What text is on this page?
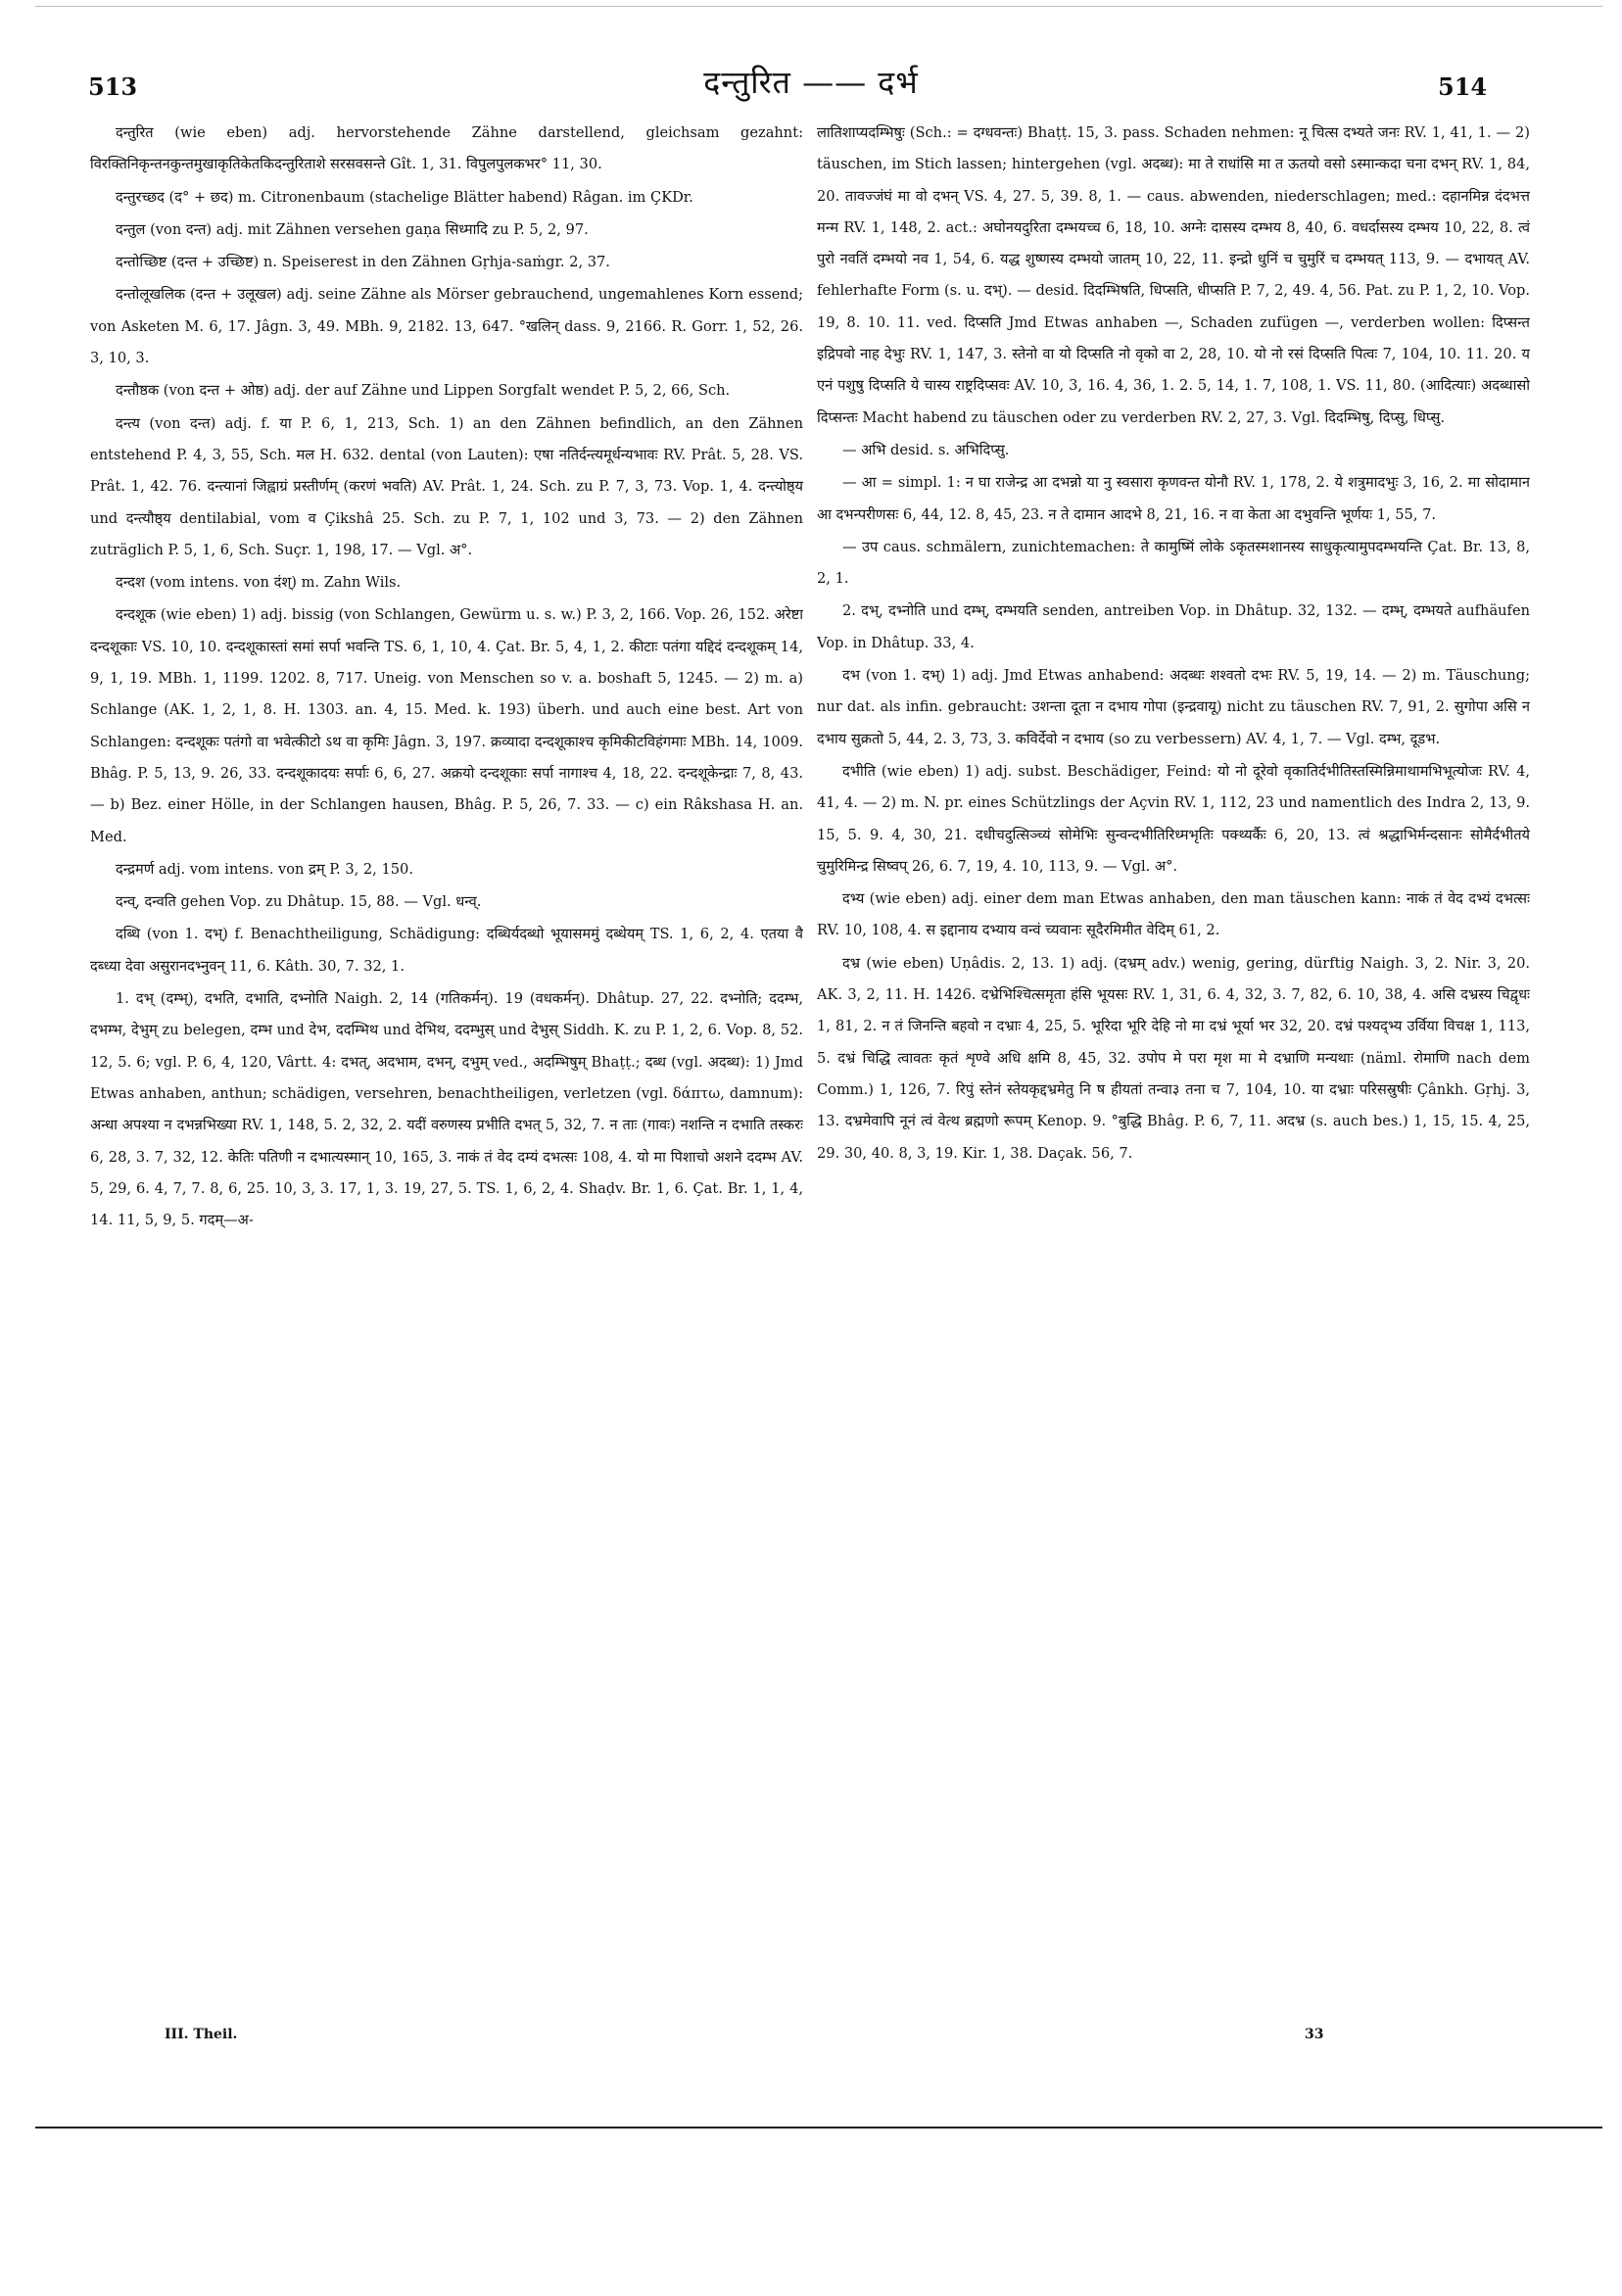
513	दन्तुरित —— दर्भ	514

दन्तुरित (wie eben) adj. hervorstehende Zähne darstellend, gleichsam gezahnt: विरक्तिनिकृन्तनकुन्तमुखाकृतिकेतकिदन्तुरिताशे सरसवसन्ते Gît. 1, 31. विपुलपुलकभर° 11, 30.

दन्तुरच्छद (द° + छद) m. Citronenbaum (stachelige Blätter habend) Râgan. im ÇKDr.

दन्तुल (von दन्त) adj. mit Zähnen versehen gaṇa सिध्मादि zu P. 5, 2, 97.

दन्तोच्छिष्ट (दन्त + उच्छिष्ट) n. Speiserest in den Zähnen Gṛhja-saṁgr. 2, 37.

दन्तोलूखलिक (दन्त + उलूखल) adj. seine Zähne als Mörser gebrauchend, ungemahlenes Korn essend; von Asketen M. 6, 17. Jâgn. 3, 49. MBh. 9, 2182. 13, 647. °खलिन् dass. 9, 2166. R. Gorr. 1, 52, 26. 3, 10, 3.

दन्तौष्ठक (von दन्त + ओष्ठ) adj. der auf Zähne und Lippen Sorgfalt wendet P. 5, 2, 66, Sch.

दन्त्य (von दन्त) adj. f. या P. 6, 1, 213, Sch. 1) an den Zähnen befindlich, an den Zähnen entstehend P. 4, 3, 55, Sch. मल H. 632. dental (von Lauten): एषा नतिर्दन्त्यमूर्धन्यभावः RV. Prât. 5, 28. VS. Prât. 1, 42. 76. दन्त्यानां जिह्वाग्रं प्रस्तीर्णम् (करणं भवति) AV. Prât. 1, 24. Sch. zu P. 7, 3, 73. Vop. 1, 4. दन्त्योष्ठ्य und दन्त्यौष्ठ्य dentilabial, vom व Çikshâ 25. Sch. zu P. 7, 1, 102 und 3, 73. — 2) den Zähnen zuträglich P. 5, 1, 6, Sch. Suçr. 1, 198, 17. — Vgl. अ°.

दन्दश (vom intens. von दंश्) m. Zahn Wils.

दन्दशूक (wie eben) 1) adj. bissig (von Schlangen, Gewürm u. s. w.) P. 3, 2, 166. Vop. 26, 152. अरेष्टा दन्दशूकाः VS. 10, 10. दन्दशूकास्तां समां सर्पा भवन्ति TS. 6, 1, 10, 4. Çat. Br. 5, 4, 1, 2. कीटाः पतंगा यद्दिदं दन्दशूकम् 14, 9, 1, 19. MBh. 1, 1199. 1202. 8, 717. Uneig. von Menschen so v. a. boshaft 5, 1245. — 2) m. a) Schlange (AK. 1, 2, 1, 8. H. 1303. an. 4, 15. Med. k. 193) überh. und auch eine best. Art von Schlangen: दन्दशूकः पतंगो वा भवेत्कीटो ऽथ वा कृमिः Jâgn. 3, 197. क्रव्यादा दन्दशूकाश्च कृमिकीटविहंगमाः MBh. 14, 1009. Bhâg. P. 5, 13, 9. 26, 33. दन्दशूकादयः सर्पाः 6, 6, 27. अक्रयो दन्दशूकाः सर्पा नागाश्च 4, 18, 22. दन्दशूकेन्द्राः 7, 8, 43. — b) Bez. einer Hölle, in der Schlangen hausen, Bhâg. P. 5, 26, 7. 33. — c) ein Râkshasa H. an. Med.

दन्द्रमर्ण adj. vom intens. von द्रम् P. 3, 2, 150.

दन्व्, दन्वति gehen Vop. zu Dhâtup. 15, 88. — Vgl. धन्व्.

दब्धि (von 1. दभ्) f. Benachtheiligung, Schädigung: दब्धिर्यदब्धो भूयासममुं दब्धेयम् TS. 1, 6, 2, 4. एतया वै दब्ध्या देवा असुरानदभ्नुवन् 11, 6. Kâth. 30, 7. 32, 1.

1. दभ् (दम्भ्), दभति, दभाति, दभ्नोति Naigh. 2, 14 (गतिकर्मन्). 19 (वधकर्मन्). Dhâtup. 27, 22. दभ्नोति; ददम्भ, दभम्भ, देभुम् zu belegen, दम्भ und देभ, ददम्भिथ und देभिथ, ददम्भुस् und देभुस् Siddh. K. zu P. 1, 2, 6. Vop. 8, 52. 12, 5. 6; vgl. P. 6, 4, 120, Vârtt. 4: दभत्, अदभाम, दभन्, दभुम् ved., अदम्भिषुम् Bhaṭṭ.; दब्ध (vgl. अदब्ध): 1) Jmd Etwas anhaben, anthun; schädigen, versehren, benachtheiligen, verletzen (vgl. δάπτω, damnum): अन्धा अपश्या न दभन्नभिख्या RV. 1, 148, 5. 2, 32, 2. यदीं वरुणस्य प्रभीति दभत् 5, 32, 7. न ताः (गावः) नशन्ति न दभाति तस्करः 6, 28, 3. 7, 32, 12. केतिः पतिणी न दभात्यस्मान् 10, 165, 3. नाकं तं वेद दम्यं दभत्सः 108, 4. यो मा पिशाचो अशने ददम्भ AV. 5, 29, 6. 4, 7, 7. 8, 6, 25. 10, 3, 3. 17, 1, 3. 19, 27, 5. TS. 1, 6, 2, 4. Shaḍv. Br. 1, 6. Çat. Br. 1, 1, 4, 14. 11, 5, 9, 5. गदम्—अ-

लातिशाप्यदम्भिषुः (Sch.: = दग्धवन्तः) Bhaṭṭ. 15, 3. pass. Schaden nehmen: नू चित्स दभ्यते जनः RV. 1, 41, 1. — 2) täuschen, im Stich lassen; hintergehen (vgl. अदब्ध): मा ते राधांसि मा त ऊतयो वसो ऽस्मान्कदा चना दभन् RV. 1, 84, 20. तावज्जंघं मा वो दभन् VS. 4, 27. 5, 39. 8, 1. — caus. abwenden, niederschlagen; med.: दहानमिन्न दंदभत्त मन्म RV. 1, 148, 2. act.: अघोनयदुरिता दम्भयच्च 6, 18, 10. अग्नेः दासस्य दम्भय 8, 40, 6. वधर्दासस्य दम्भय 10, 22, 8. त्वं पुरो नवतिं दम्भयो नव 1, 54, 6. यद्ध शुष्णस्य दम्भयो जातम् 10, 22, 11. इन्द्रो धुनिं च चुमुरिं च दम्भयत् 113, 9. — दभायत् AV. fehlerhafte Form (s. u. दभ्). — desid. दिदम्भिषति, धिप्सति, धीप्सति P. 7, 2, 49. 4, 56. Pat. zu P. 1, 2, 10. Vop. 19, 8. 10. 11. ved. दिप्सति Jmd Etwas anhaben —, Schaden zufügen —, verderben wollen: दिप्सन्त इद्रिपवो नाह देभुः RV. 1, 147, 3. स्तेनो वा यो दिप्सति नो वृको वा 2, 28, 10. यो नो रसं दिप्सति पित्वः 7, 104, 10. 11. 20. य एनं पशुषु दिप्सति ये चास्य राष्ट्रदिप्सवः AV. 10, 3, 16. 4, 36, 1. 2. 5, 14, 1. 7, 108, 1. VS. 11, 80. (आदित्याः) अदब्धासो दिप्सन्तः Macht habend zu täuschen oder zu verderben RV. 2, 27, 3. Vgl. दिदम्भिषु, दिप्सु, धिप्सु.

— अभि desid. s. अभिदिप्सु.

— आ = simpl. 1: न घा राजेन्द्र आ दभन्नो या नु स्वसारा कृणवन्त योनौ RV. 1, 178, 2. ये शत्रुमादभुः 3, 16, 2. मा सोदामान आ दभन्परीणसः 6, 44, 12. 8, 45, 23. न ते दामान आदभे 8, 21, 16. न वा केता आ दभुवन्ति भूर्णयः 1, 55, 7.

— उप caus. schmälern, zunichtemachen: ते कामुष्मिं लोके ऽकृतस्मशानस्य साधुकृत्यामुपदम्भयन्ति Çat. Br. 13, 8, 2, 1.

2. दभ्, दभ्नोति und दम्भ्, दम्भयति senden, antreiben Vop. in Dhâtup. 32, 132. — दम्भ्, दम्भयते aufhäufen Vop. in Dhâtup. 33, 4.

दभ (von 1. दभ्) 1) adj. Jmd Etwas anhabend: अदब्धः शश्वतो दभः RV. 5, 19, 14. — 2) m. Täuschung; nur dat. als infin. gebraucht: उशन्ता दूता न दभाय गोपा (इन्द्रवायू) nicht zu täuschen RV. 7, 91, 2. सुगोपा असि न दभाय सुक्रतो 5, 44, 2. 3, 73, 3. कविर्देवो न दभाय (so zu verbessern) AV. 4, 1, 7. — Vgl. दम्भ, दूडभ.

दभीति (wie eben) 1) adj. subst. Beschädiger, Feind: यो नो दूरेवो वृकातिर्दभीतिस्तस्मिन्निमाथामभिभूत्योजः RV. 4, 41, 4. — 2) m. N. pr. eines Schützlings der Açvin RV. 1, 112, 23 und namentlich des Indra 2, 13, 9. 15, 5. 9. 4, 30, 21. दधीचदुत्सिञ्च्यं सोमेभिः सुन्वन्दभीतिरिध्मभृतिः पक्थ्यर्कैः 6, 20, 13. त्वं श्रद्धाभिर्मन्दसानः सोमैर्दभीतये चुमुरिमिन्द्र सिष्वप् 26, 6. 7, 19, 4. 10, 113, 9. — Vgl. अ°.

दभ्य (wie eben) adj. einer dem man Etwas anhaben, den man täuschen kann: नाकं तं वेद दभ्यं दभत्सः RV. 10, 108, 4. स इद्दानाय दभ्याय वन्वं च्यवानः सूदैरमिमीत वेदिम् 61, 2.

दभ्र (wie eben) Uṇâdis. 2, 13. 1) adj. (दभ्रम् adv.) wenig, gering, dürftig Naigh. 3, 2. Nir. 3, 20. AK. 3, 2, 11. H. 1426. दभ्रेभिश्चित्समृता हंसि भूयसः RV. 1, 31, 6. 4, 32, 3. 7, 82, 6. 10, 38, 4. असि दभ्रस्य चिद्वृधः 1, 81, 2. न तं जिनन्ति बहवो न दभ्राः 4, 25, 5. भूरिदा भूरि देहि नो मा दभ्रं भूर्या भर 32, 20. दभ्रं पश्यद्भ्य उर्विया विचक्ष 1, 113, 5. दभ्रं चिद्धि त्वावतः कृतं शृण्वे अधि क्षमि 8, 45, 32. उपोप मे परा मृश मा मे दभ्राणि मन्यथाः (näml. रोमाणि nach dem Comm.) 1, 126, 7. रिपुं स्तेनं स्तेयकृद्दभ्रमेतु नि ष हीयतां तन्वा३ तना च 7, 104, 10. या दभ्राः परिसस्रुषीः Çânkh. Gṛhj. 3, 13. दभ्रमेवापि नूनं त्वं वेत्थ ब्रह्मणो रूपम् Kenop. 9. °बुद्धि Bhâg. P. 6, 7, 11. अदभ्र (s. auch bes.) 1, 15, 15. 4, 25, 29. 30, 40. 8, 3, 19. Kir. 1, 38. Daçak. 56, 7.

III. Theil.	33
